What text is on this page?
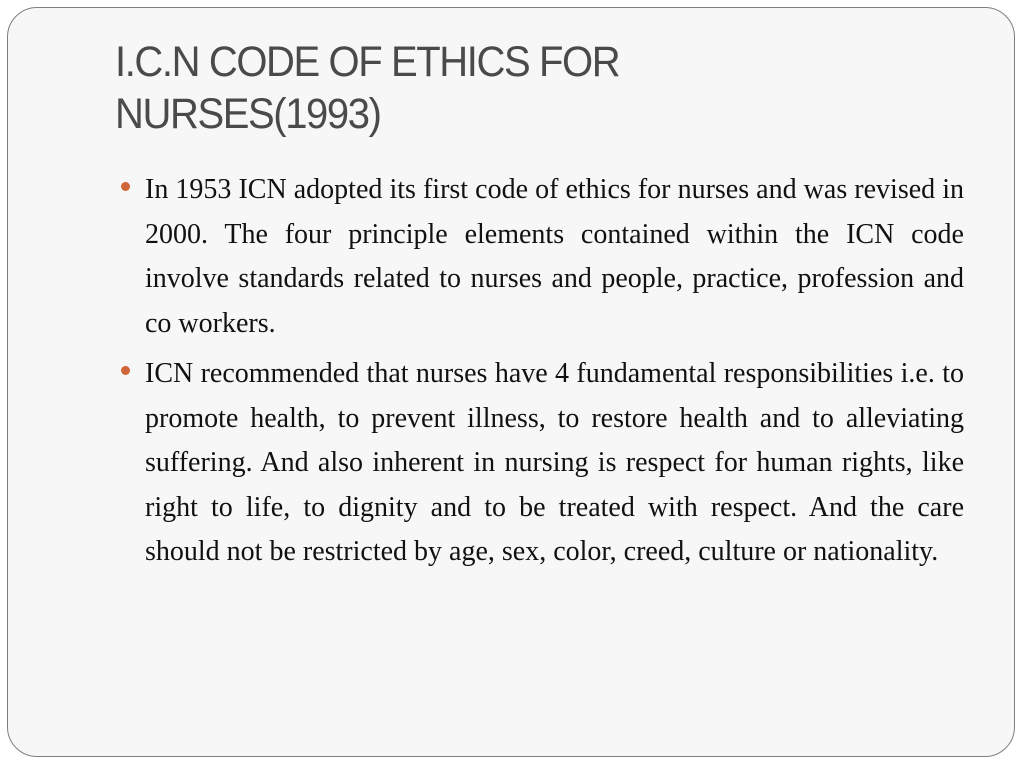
I.C.N CODE OF ETHICS FOR
NURSES(1993)

In 1953 ICN adopted its first code of ethics for nurses and was revised in 2000. The four principle elements contained within the ICN code involve standards related to nurses and people, practice, profession and co workers.

ICN recommended that nurses have 4 fundamental responsibilities i.e. to promote health, to prevent illness, to restore health and to alleviating suffering. And also inherent in nursing is respect for human rights, like right to life, to dignity and to be treated with respect. And the care should not be restricted by age, sex, color, creed, culture or nationality.
